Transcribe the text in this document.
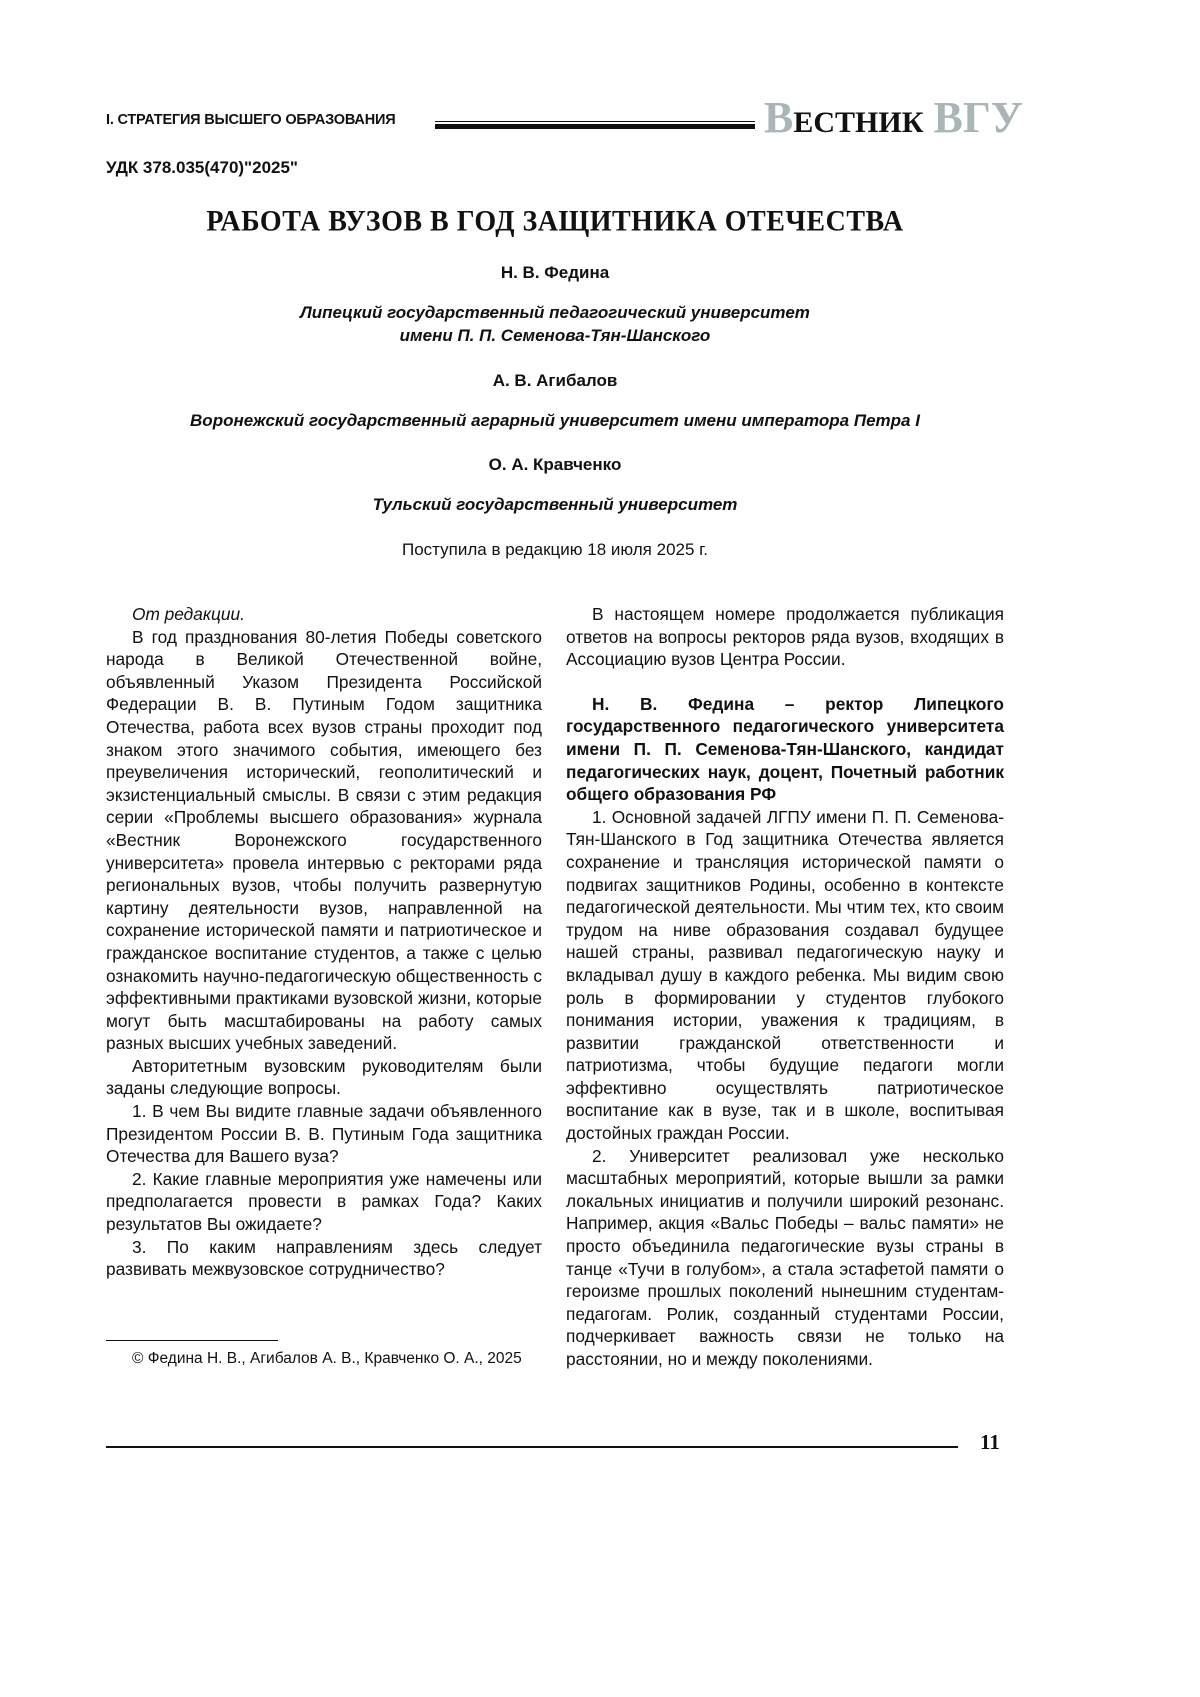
I. СТРАТЕГИЯ ВЫСШЕГО ОБРАЗОВАНИЯ	ВЕСТНИК ВГУ
УДК 378.035(470)"2025"
РАБОТА ВУЗОВ В ГОД ЗАЩИТНИКА ОТЕЧЕСТВА
Н. В. Федина
Липецкий государственный педагогический университет
имени П. П. Семенова-Тян-Шанского
А. В. Агибалов
Воронежский государственный аграрный университет имени императора Петра I
О. А. Кравченко
Тульский государственный университет
Поступила в редакцию 18 июля 2025 г.

От редакции.

В год празднования 80-летия Победы советского народа в Великой Отечественной войне, объявленный Указом Президента Российской Федерации В. В. Путиным Годом защитника Отечества, работа всех вузов страны проходит под знаком этого значимого события, имеющего без преувеличения исторический, геополитический и экзистенциальный смыслы. В связи с этим редакция серии «Проблемы высшего образования» журнала «Вестник Воронежского государственного университета» провела интервью с ректорами ряда региональных вузов, чтобы получить развернутую картину деятельности вузов, направленной на сохранение исторической памяти и патриотическое и гражданское воспитание студентов, а также с целью ознакомить научно-педагогическую общественность с эффективными практиками вузовской жизни, которые могут быть масштабированы на работу самых разных высших учебных заведений.

Авторитетным вузовским руководителям были заданы следующие вопросы.

1. В чем Вы видите главные задачи объявленного Президентом России В. В. Путиным Года защитника Отечества для Вашего вуза?

2. Какие главные мероприятия уже намечены или предполагается провести в рамках Года? Каких результатов Вы ожидаете?

3. По каким направлениям здесь следует развивать межвузовское сотрудничество?

© Федина Н. В., Агибалов А. В., Кравченко О. А., 2025

В настоящем номере продолжается публикация ответов на вопросы ректоров ряда вузов, входящих в Ассоциацию вузов Центра России.

Н. В. Федина – ректор Липецкого государственного педагогического университета имени П. П. Семенова-Тян-Шанского, кандидат педагогических наук, доцент, Почетный работник общего образования РФ

1. Основной задачей ЛГПУ имени П. П. Семенова-Тян-Шанского в Год защитника Отечества является сохранение и трансляция исторической памяти о подвигах защитников Родины, особенно в контексте педагогической деятельности. Мы чтим тех, кто своим трудом на ниве образования создавал будущее нашей страны, развивал педагогическую науку и вкладывал душу в каждого ребенка. Мы видим свою роль в формировании у студентов глубокого понимания истории, уважения к традициям, в развитии гражданской ответственности и патриотизма, чтобы будущие педагоги могли эффективно осуществлять патриотическое воспитание как в вузе, так и в школе, воспитывая достойных граждан России.

2. Университет реализовал уже несколько масштабных мероприятий, которые вышли за рамки локальных инициатив и получили широкий резонанс. Например, акция «Вальс Победы – вальс памяти» не просто объединила педагогические вузы страны в танце «Тучи в голубом», а стала эстафетой памяти о героизме прошлых поколений нынешним студентам-педагогам. Ролик, созданный студентами России, подчеркивает важность связи не только на расстоянии, но и между поколениями.

11
